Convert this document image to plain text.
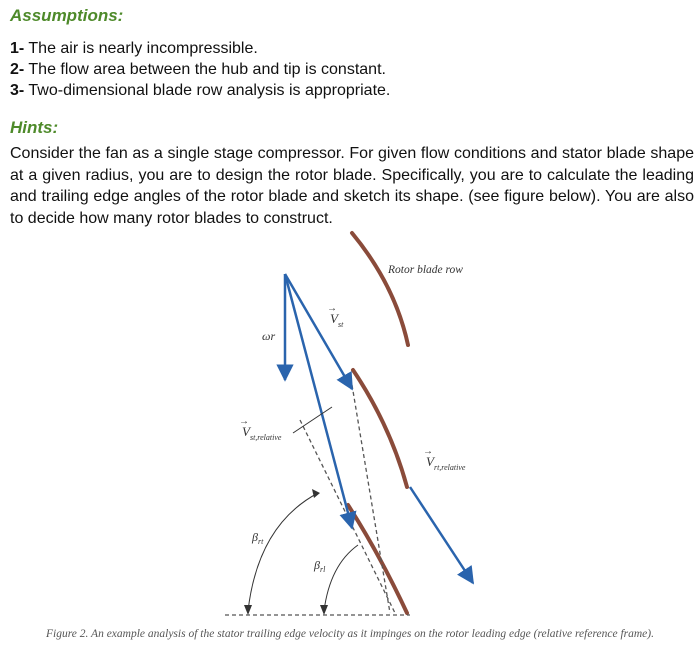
Assumptions:
1- The air is nearly incompressible.
2- The flow area between the hub and tip is constant.
3- Two-dimensional blade row analysis is appropriate.
Hints:

Consider the fan as a single stage compressor. For given flow conditions and stator blade shape at a given radius, you are to design the rotor blade. Specifically, you are to calculate the leading and trailing edge angles of the rotor blade and sketch its shape. (see figure below). You are also to decide how many rotor blades to construct.

Rotor blade row
ωr
$V_{st}$
→
$V_{st,relative}$
→
$V_{rt,relative}$
→
$\beta_{rt}$
$\beta_{rl}$

Figure 2. An example analysis of the stator trailing edge velocity as it impinges on the rotor leading edge (relative reference frame).
